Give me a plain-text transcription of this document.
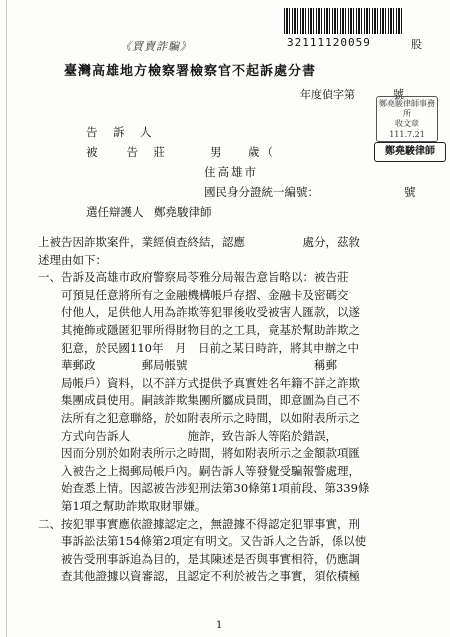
《買賣詐騙》	32111120059	股
臺灣高雄地方檢察署檢察官不起訴處分書
年度偵字第	號
鄭堯駿律師事務所
收文章
111.7.21
鄭堯駿律師
告　訴　人
被　　告　莊	男 歲（
住高雄市
國民身分證統一編號：	號
選任辯護人 鄭堯駿律師
上被告因詐欺案件，業經偵查終結，認應　　　　　處分，茲敘
述理由如下：
一、告訴及高雄市政府警察局苓雅分局報告意旨略以：被告莊
　　可預見任意將所有之金融機構帳戶存摺、金融卡及密碼交
　　付他人，足供他人用為詐欺等犯罪後收受被害人匯款，以遂
　　其掩飾或隱匿犯罪所得財物目的之工具，竟基於幫助詐欺之
　　犯意，於民國110年　月　日前之某日時許，將其申辦之中
　　華郵政　　　　郵局帳號　　　　　　　　　　　稱郵
　　局帳戶）資料，以不詳方式提供予真實姓名年籍不詳之詐欺
　　集團成員使用。嗣該詐欺集團所屬成員間，即意圖為自己不
　　法所有之犯意聯絡，於如附表所示之時間，以如附表所示之
　　方式向告訴人　　　　　施詐，致告訴人等陷於錯誤，
　　因而分別於如附表所示之時間，將如附表所示之金額款項匯
　　入被告之上揭郵局帳戶內。嗣告訴人等發覺受騙報警處理，
　　始查悉上情。因認被告涉犯刑法第30條第1項前段、第339條
　　第1項之幫助詐欺取財罪嫌。
二、按犯罪事實應依證據認定之，無證據不得認定犯罪事實，刑
　　事訴訟法第154條第2項定有明文。又告訴人之告訴，係以使
　　被告受刑事訴追為目的，是其陳述是否與事實相符，仍應調
　　查其他證據以資審認，且認定不利於被告之事實，須依積極
1
